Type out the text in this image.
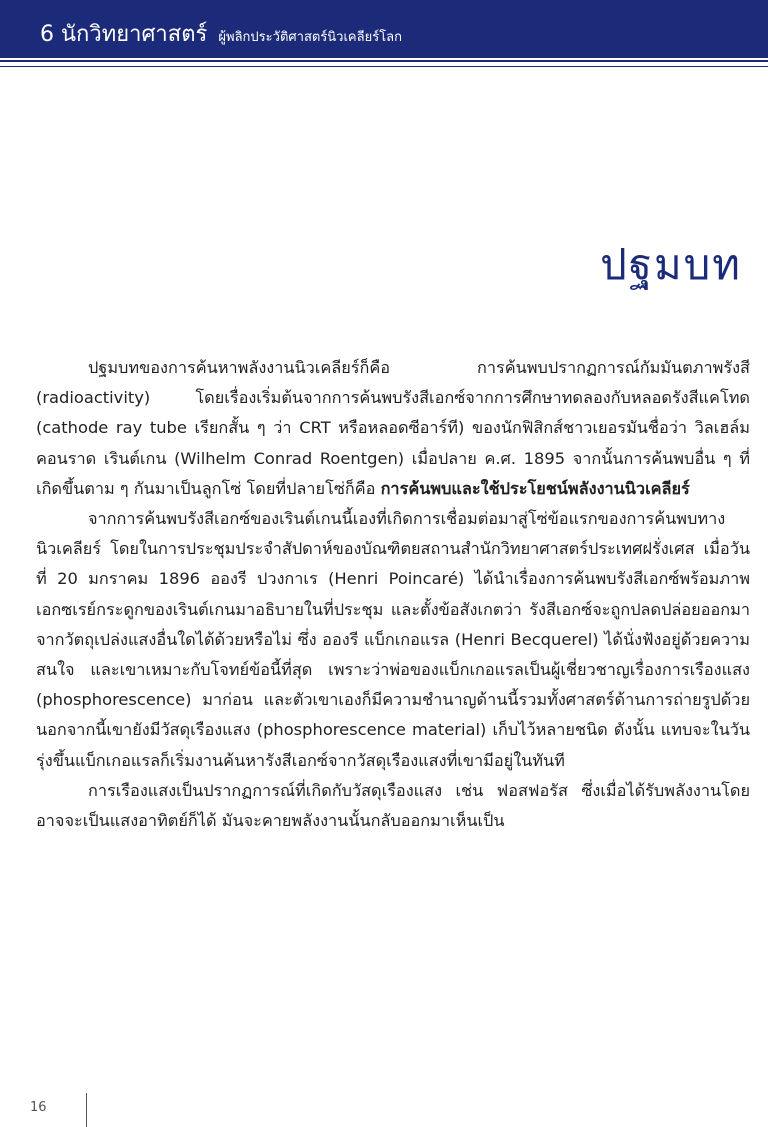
6 นักวิทยาศาสตร์ ผู้พลิกประวัติศาสตร์นิวเคลียร์โลก
ปฐมบท

ปฐมบทของการค้นหาพลังงานนิวเคลียร์ก็คือ การค้นพบปรากฏการณ์กัมมันตภาพรังสี (radioactivity) โดยเรื่องเริ่มต้นจากการค้นพบรังสีเอกซ์จากการศึกษาทดลองกับหลอดรังสีแคโทด (cathode ray tube เรียกสั้น ๆ ว่า CRT หรือหลอดซีอาร์ที) ของนักฟิสิกส์ชาวเยอรมันชื่อว่า วิลเฮล์ม คอนราด เรินต์เกน (Wilhelm Conrad Roentgen) เมื่อปลาย ค.ศ. 1895 จากนั้นการค้นพบอื่น ๆ ที่เกิดขึ้นตาม ๆ กันมาเป็นลูกโซ่ โดยที่ปลายโซ่ก็คือ การค้นพบและใช้ประโยชน์พลังงานนิวเคลียร์

จากการค้นพบรังสีเอกซ์ของเรินต์เกนนี้เองที่เกิดการเชื่อมต่อมาสู่โซ่ข้อแรกของการค้นพบทางนิวเคลียร์ โดยในการประชุมประจำสัปดาห์ของบัณฑิตยสถานสำนักวิทยาศาสตร์ประเทศฝรั่งเศส เมื่อวันที่ 20 มกราคม 1896 อองรี ปวงกาเร (Henri Poincaré) ได้นำเรื่องการค้นพบรังสีเอกซ์พร้อมภาพเอกซเรย์กระดูกของเรินต์เกนมาอธิบายในที่ประชุม และตั้งข้อสังเกตว่า รังสีเอกซ์จะถูกปลดปล่อยออกมาจากวัตถุเปล่งแสงอื่นใดได้ด้วยหรือไม่ ซึ่ง อองรี แบ็กเกอแรล (Henri Becquerel) ได้นั่งฟังอยู่ด้วยความสนใจ และเขาเหมาะกับโจทย์ข้อนี้ที่สุด เพราะว่าพ่อของแบ็กเกอแรลเป็นผู้เชี่ยวชาญเรื่องการเรืองแสง (phosphorescence) มาก่อน และตัวเขาเองก็มีความชำนาญด้านนี้รวมทั้งศาสตร์ด้านการถ่ายรูปด้วย นอกจากนี้เขายังมีวัสดุเรืองแสง (phosphorescence material) เก็บไว้หลายชนิด ดังนั้น แทบจะในวันรุ่งขึ้นแบ็กเกอแรลก็เริ่มงานค้นหารังสีเอกซ์จากวัสดุเรืองแสงที่เขามีอยู่ในทันที

การเรืองแสงเป็นปรากฏการณ์ที่เกิดกับวัสดุเรืองแสง เช่น ฟอสฟอรัส ซึ่งเมื่อได้รับพลังงานโดยอาจจะเป็นแสงอาทิตย์ก็ได้ มันจะคายพลังงานนั้นกลับออกมาเห็นเป็น

16
